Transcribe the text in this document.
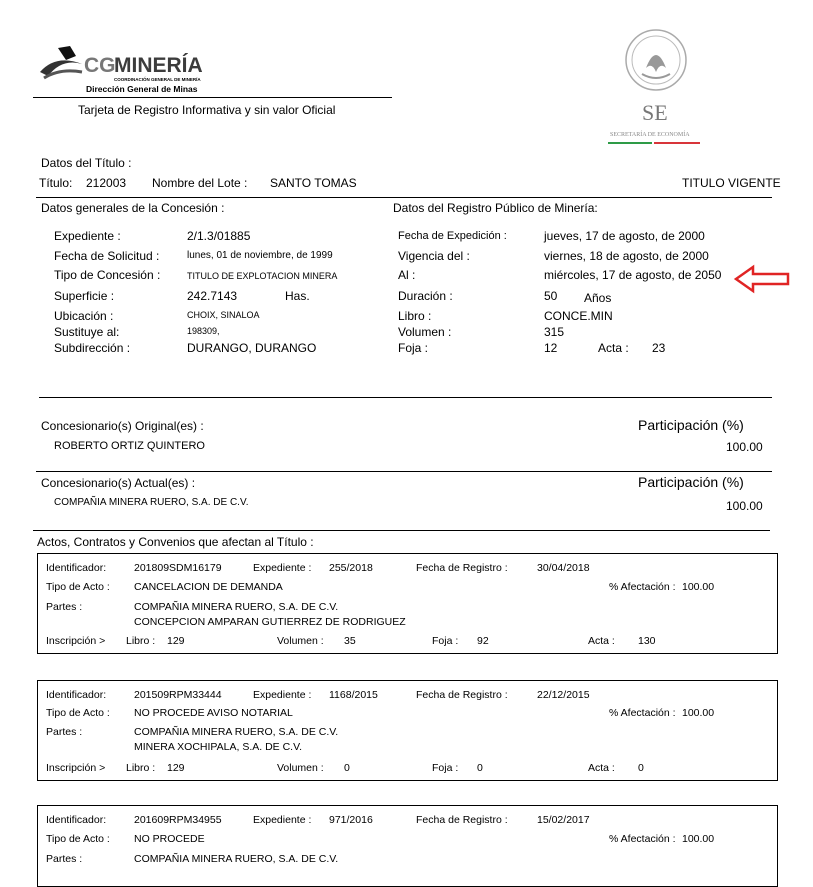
CG
MINERÍA
COORDINACIÓN GENERAL DE MINERÍA
Dirección General de Minas
Tarjeta de Registro Informativa y sin valor Oficial	SE
SECRETARÍA DE ECONOMÍA
Datos del Título :
Título: 212003 Nombre del Lote : SANTO TOMAS	TITULO VIGENTE
Datos generales de la Concesión :
Expediente :	2/1.3/01885
Fecha de Solicitud :	lunes, 01 de noviembre, de 1999
Tipo de Concesión :	TITULO DE EXPLOTACION MINERA
Superficie :	242.7143	Has.
Ubicación :	CHOIX, SINALOA
Sustituye al:	198309,
Subdirección :	DURANGO, DURANGO
Datos del Registro Público de Minería:
Fecha de Expedición :	jueves, 17 de agosto, de 2000
Vigencia del :	viernes, 18 de agosto, de 2000
Al :	miércoles, 17 de agosto, de 2050
Duración :	50 Años
Libro :	CONCE.MIN
Volumen :	315
Foja :	12	Acta : 23
Concesionario(s) Original(es) :	Participación (%)
ROBERTO ORTIZ QUINTERO	100.00
Concesionario(s) Actual(es) :	Participación (%)
COMPAÑIA MINERA RUERO, S.A. DE C.V.	100.00
Actos, Contratos y Convenios que afectan al Título :
Identificador:	201809SDM16179	Expediente : 255/2018	Fecha de Registro :	30/04/2018
Tipo de Acto : CANCELACION DE DEMANDA	% Afectación : 100.00
Partes :	COMPAÑIA MINERA RUERO, S.A. DE C.V.
CONCEPCION AMPARAN GUTIERREZ DE RODRIGUEZ
Inscripción > Libro : 129	Volumen : 35	Foja : 92	Acta : 130
Identificador:	201509RPM33444	Expediente : 1168/2015	Fecha de Registro :	22/12/2015
Tipo de Acto : NO PROCEDE AVISO NOTARIAL	% Afectación : 100.00
Partes :	COMPAÑIA MINERA RUERO, S.A. DE C.V.
MINERA XOCHIPALA, S.A. DE C.V.
Inscripción > Libro : 129	Volumen : 0	Foja : 0	Acta : 0
Identificador:	201609RPM34955	Expediente : 971/2016	Fecha de Registro :	15/02/2017
Tipo de Acto : NO PROCEDE	% Afectación : 100.00
Partes :	COMPAÑIA MINERA RUERO, S.A. DE C.V.
